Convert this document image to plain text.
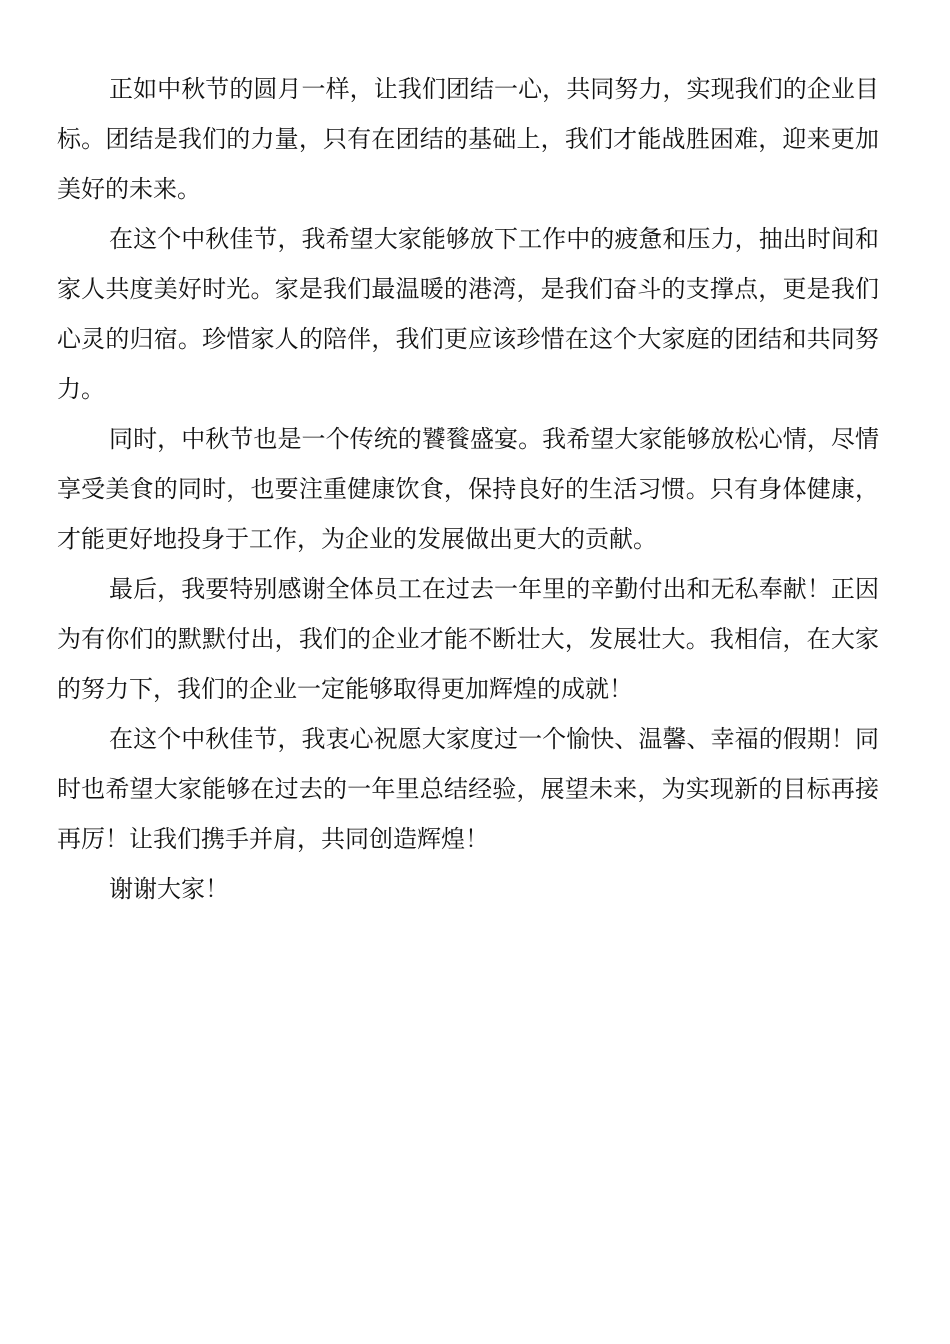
正如中秋节的圆月一样，让我们团结一心，共同努力，实现我们的企业目标。团结是我们的力量，只有在团结的基础上，我们才能战胜困难，迎来更加美好的未来。

在这个中秋佳节，我希望大家能够放下工作中的疲惫和压力，抽出时间和家人共度美好时光。家是我们最温暖的港湾，是我们奋斗的支撑点，更是我们心灵的归宿。珍惜家人的陪伴，我们更应该珍惜在这个大家庭的团结和共同努力。

同时，中秋节也是一个传统的饕餮盛宴。我希望大家能够放松心情，尽情享受美食的同时，也要注重健康饮食，保持良好的生活习惯。只有身体健康，才能更好地投身于工作，为企业的发展做出更大的贡献。

最后，我要特别感谢全体员工在过去一年里的辛勤付出和无私奉献！正因为有你们的默默付出，我们的企业才能不断壮大，发展壮大。我相信，在大家的努力下，我们的企业一定能够取得更加辉煌的成就！

在这个中秋佳节，我衷心祝愿大家度过一个愉快、温馨、幸福的假期！同时也希望大家能够在过去的一年里总结经验，展望未来，为实现新的目标再接再厉！让我们携手并肩，共同创造辉煌！

谢谢大家！
